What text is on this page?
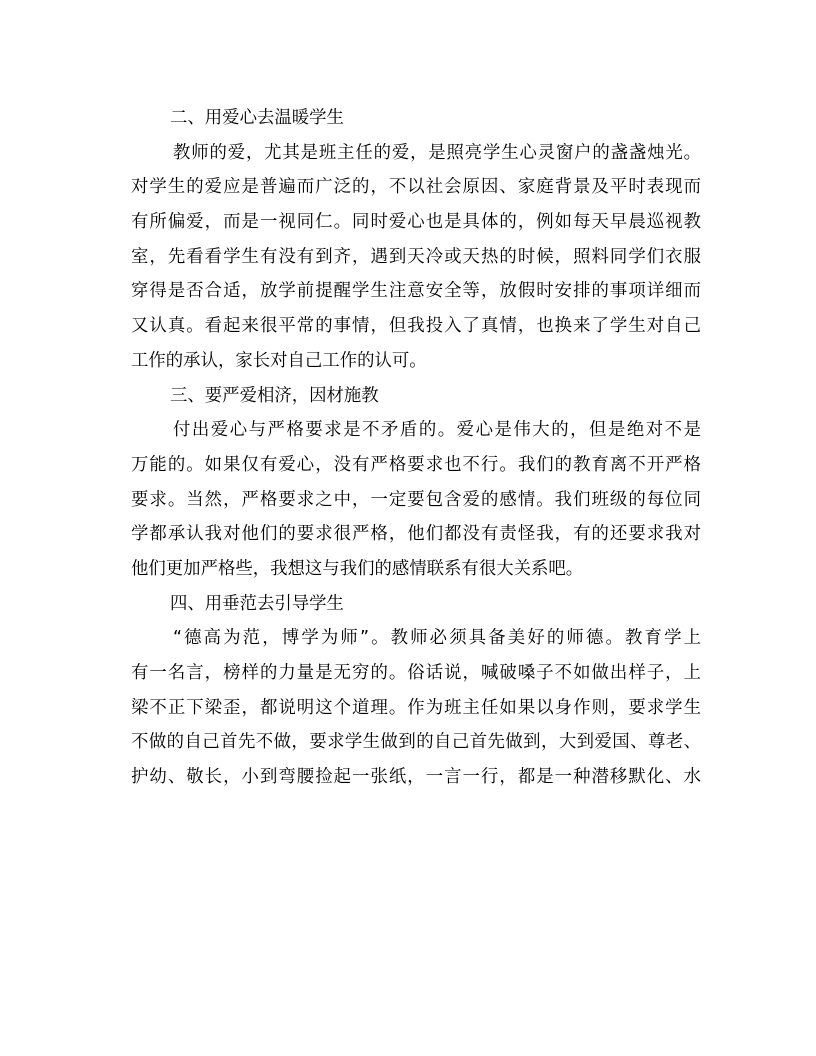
二、用爱心去温暖学生
教师的爱，尤其是班主任的爱，是照亮学生心灵窗户的盏盏烛光。
对学生的爱应是普遍而广泛的，不以社会原因、家庭背景及平时表现而
有所偏爱，而是一视同仁。同时爱心也是具体的，例如每天早晨巡视教
室，先看看学生有没有到齐，遇到天冷或天热的时候，照料同学们衣服
穿得是否合适，放学前提醒学生注意安全等，放假时安排的事项详细而
又认真。看起来很平常的事情，但我投入了真情，也换来了学生对自己
工作的承认，家长对自己工作的认可。
三、要严爱相济，因材施教
付出爱心与严格要求是不矛盾的。爱心是伟大的，但是绝对不是
万能的。如果仅有爱心，没有严格要求也不行。我们的教育离不开严格
要求。当然，严格要求之中，一定要包含爱的感情。我们班级的每位同
学都承认我对他们的要求很严格，他们都没有责怪我，有的还要求我对
他们更加严格些，我想这与我们的感情联系有很大关系吧。
四、用垂范去引导学生
“德高为范，博学为师”。教师必须具备美好的师德。教育学上
有一名言，榜样的力量是无穷的。俗话说，喊破嗓子不如做出样子，上
梁不正下梁歪，都说明这个道理。作为班主任如果以身作则，要求学生
不做的自己首先不做，要求学生做到的自己首先做到，大到爱国、尊老、
护幼、敬长，小到弯腰捡起一张纸，一言一行，都是一种潜移默化、水
